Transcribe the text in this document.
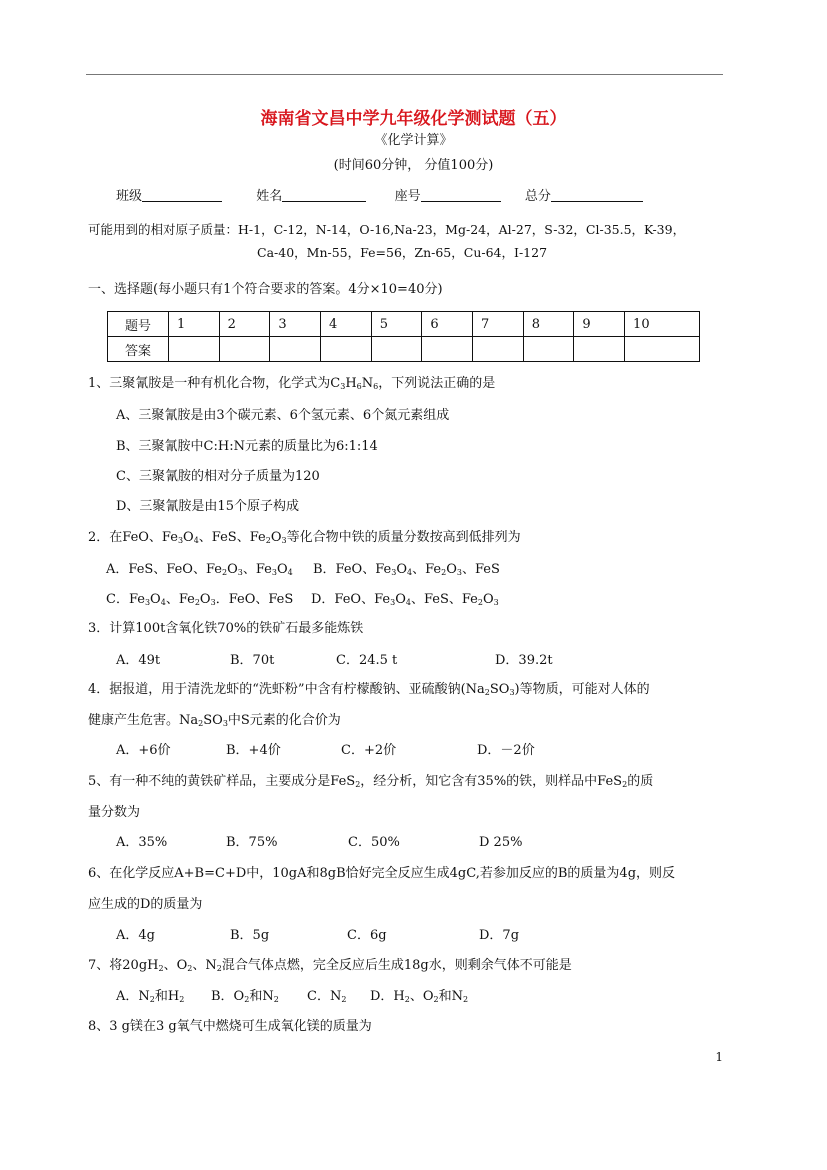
海南省文昌中学九年级化学测试题（五）
《化学计算》
(时间60分钟， 分值100分)
班级	姓名	座号	总分
可能用到的相对原子质量：H-1，C-12，N-14，O-16,Na-23，Mg-24，Al-27，S-32，Cl-35.5，K-39，
Ca-40，Mn-55，Fe=56，Zn-65，Cu-64，I-127
一、选择题(每小题只有1个符合要求的答案。4分×10=40分)
题号	1	2	3	4	5	6	7	8	9	10
答案										
1、三聚氰胺是一种有机化合物，化学式为$C_3H_6N_6$，下列说法正确的是
A、三聚氰胺是由3个碳元素、6个氢元素、6个氮元素组成
B、三聚氰胺中C:H:N元素的质量比为6:1:14
C、三聚氰胺的相对分子质量为120
D、三聚氰胺是由15个原子构成
2．在FeO、$Fe_3O_4$、FeS、$Fe_2O_3$等化合物中铁的质量分数按高到低排列为
A．FeS、FeO、$Fe_2O_3$、$Fe_3O_4$ B．FeO、$Fe_3O_4$、$Fe_2O_3$、FeS
C．$Fe_3O_4$、$Fe_2O_3$．FeO、FeS D．FeO、$Fe_3O_4$、FeS、$Fe_2O_3$
3．计算100t含氧化铁70%的铁矿石最多能炼铁
A．49t	B．70t	C．24.5 t	D．39.2t
4．据报道，用于清洗龙虾的“洗虾粉”中含有柠檬酸钠、亚硫酸钠$(Na_2SO_3)$等物质，可能对人体的
健康产生危害。$Na_2SO_3$中S元素的化合价为
A．+6价	B．+4价	C．+2价	D．－2价
5、有一种不纯的黄铁矿样品，主要成分是FeS$_2$，经分析，知它含有35%的铁，则样品中FeS$_2$的质
量分数为
A．35%	B．75%	C．50%	D 25%
6、在化学反应A+B=C+D中，10gA和8gB恰好完全反应生成4gC,若参加反应的B的质量为4g，则反
应生成的D的质量为
A．4g	B．5g	C．6g	D．7g
7、将$20gH_2$、$O_2$、$N_2$混合气体点燃，完全反应后生成18g水，则剩余气体不可能是
A．$N_2$和$H_2$ B．$O_2$和$N_2$ C．$N_2$ D．$H_2$、$O_2$和$N_2$
8、3 g镁在3 g氧气中燃烧可生成氧化镁的质量为
1
